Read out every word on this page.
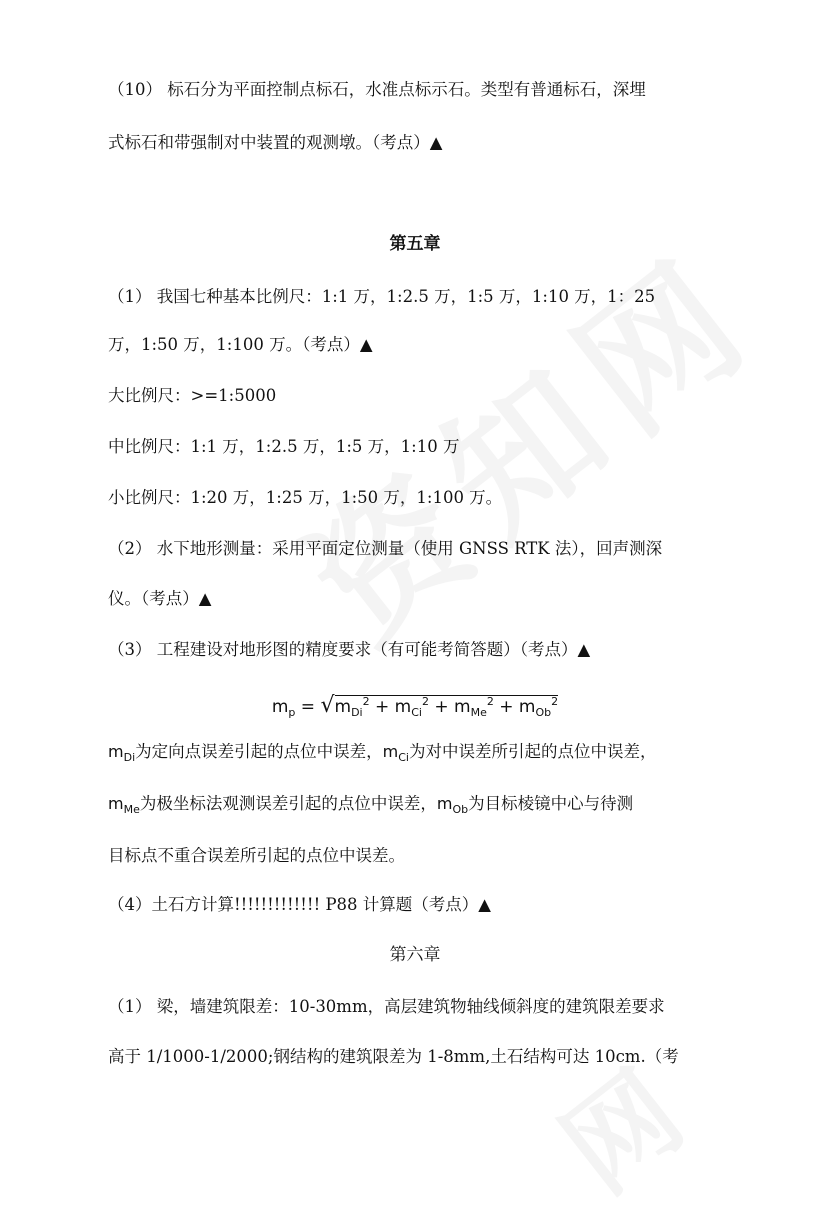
（10） 标石分为平面控制点标石，水准点标示石。类型有普通标石，深埋
式标石和带强制对中装置的观测墩。（考点）▲
第五章
（1） 我国七种基本比例尺：1:1 万，1:2.5 万，1:5 万，1:10 万，1：25
万，1:50 万，1:100 万。（考点）▲
大比例尺：>=1:5000
中比例尺：1:1 万，1:2.5 万，1:5 万，1:10 万
小比例尺：1:20 万，1:25 万，1:50 万，1:100 万。
（2） 水下地形测量：采用平面定位测量（使用 GNSS RTK 法），回声测深
仪。（考点）▲
（3） 工程建设对地形图的精度要求（有可能考简答题）（考点）▲
$m_p = √m_{Di}^2 + m_{Ci}^2 + m_{Me}^2 + m_{Ob}^2$
$m_{Di}$为定向点误差引起的点位中误差，$m_{Ci}$为对中误差所引起的点位中误差，
$m_{Me}$为极坐标法观测误差引起的点位中误差，$m_{Ob}$为目标棱镜中心与待测
目标点不重合误差所引起的点位中误差。
（4）土石方计算!!!!!!!!!!!!! P88 计算题（考点）▲
第六章
（1） 梁，墙建筑限差：10-30mm，高层建筑物轴线倾斜度的建筑限差要求
高于 1/1000-1/2000;钢结构的建筑限差为 1-8mm,土石结构可达 10cm.（考
